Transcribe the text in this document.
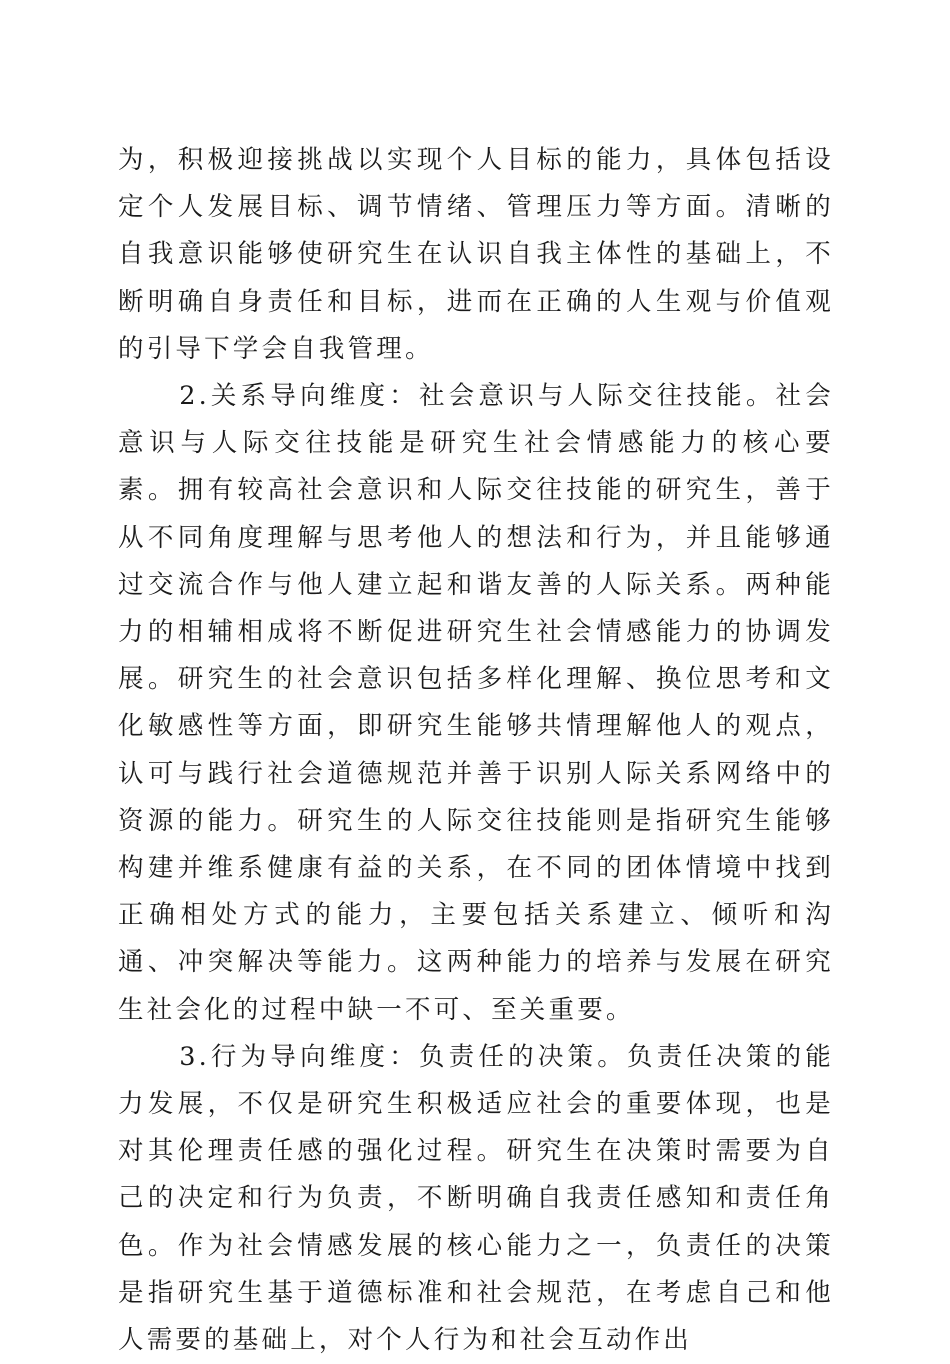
为，积极迎接挑战以实现个人目标的能力，具体包括设定个人发展目标、调节情绪、管理压力等方面。清晰的自我意识能够使研究生在认识自我主体性的基础上，不断明确自身责任和目标，进而在正确的人生观与价值观的引导下学会自我管理。

2.关系导向维度：社会意识与人际交往技能。社会意识与人际交往技能是研究生社会情感能力的核心要素。拥有较高社会意识和人际交往技能的研究生，善于从不同角度理解与思考他人的想法和行为，并且能够通过交流合作与他人建立起和谐友善的人际关系。两种能力的相辅相成将不断促进研究生社会情感能力的协调发展。研究生的社会意识包括多样化理解、换位思考和文化敏感性等方面，即研究生能够共情理解他人的观点，认可与践行社会道德规范并善于识别人际关系网络中的资源的能力。研究生的人际交往技能则是指研究生能够构建并维系健康有益的关系，在不同的团体情境中找到正确相处方式的能力，主要包括关系建立、倾听和沟通、冲突解决等能力。这两种能力的培养与发展在研究生社会化的过程中缺一不可、至关重要。

3.行为导向维度：负责任的决策。负责任决策的能力发展，不仅是研究生积极适应社会的重要体现，也是对其伦理责任感的强化过程。研究生在决策时需要为自己的决定和行为负责，不断明确自我责任感知和责任角色。作为社会情感发展的核心能力之一，负责任的决策是指研究生基于道德标准和社会规范，在考虑自己和他人需要的基础上，对个人行为和社会互动作出
